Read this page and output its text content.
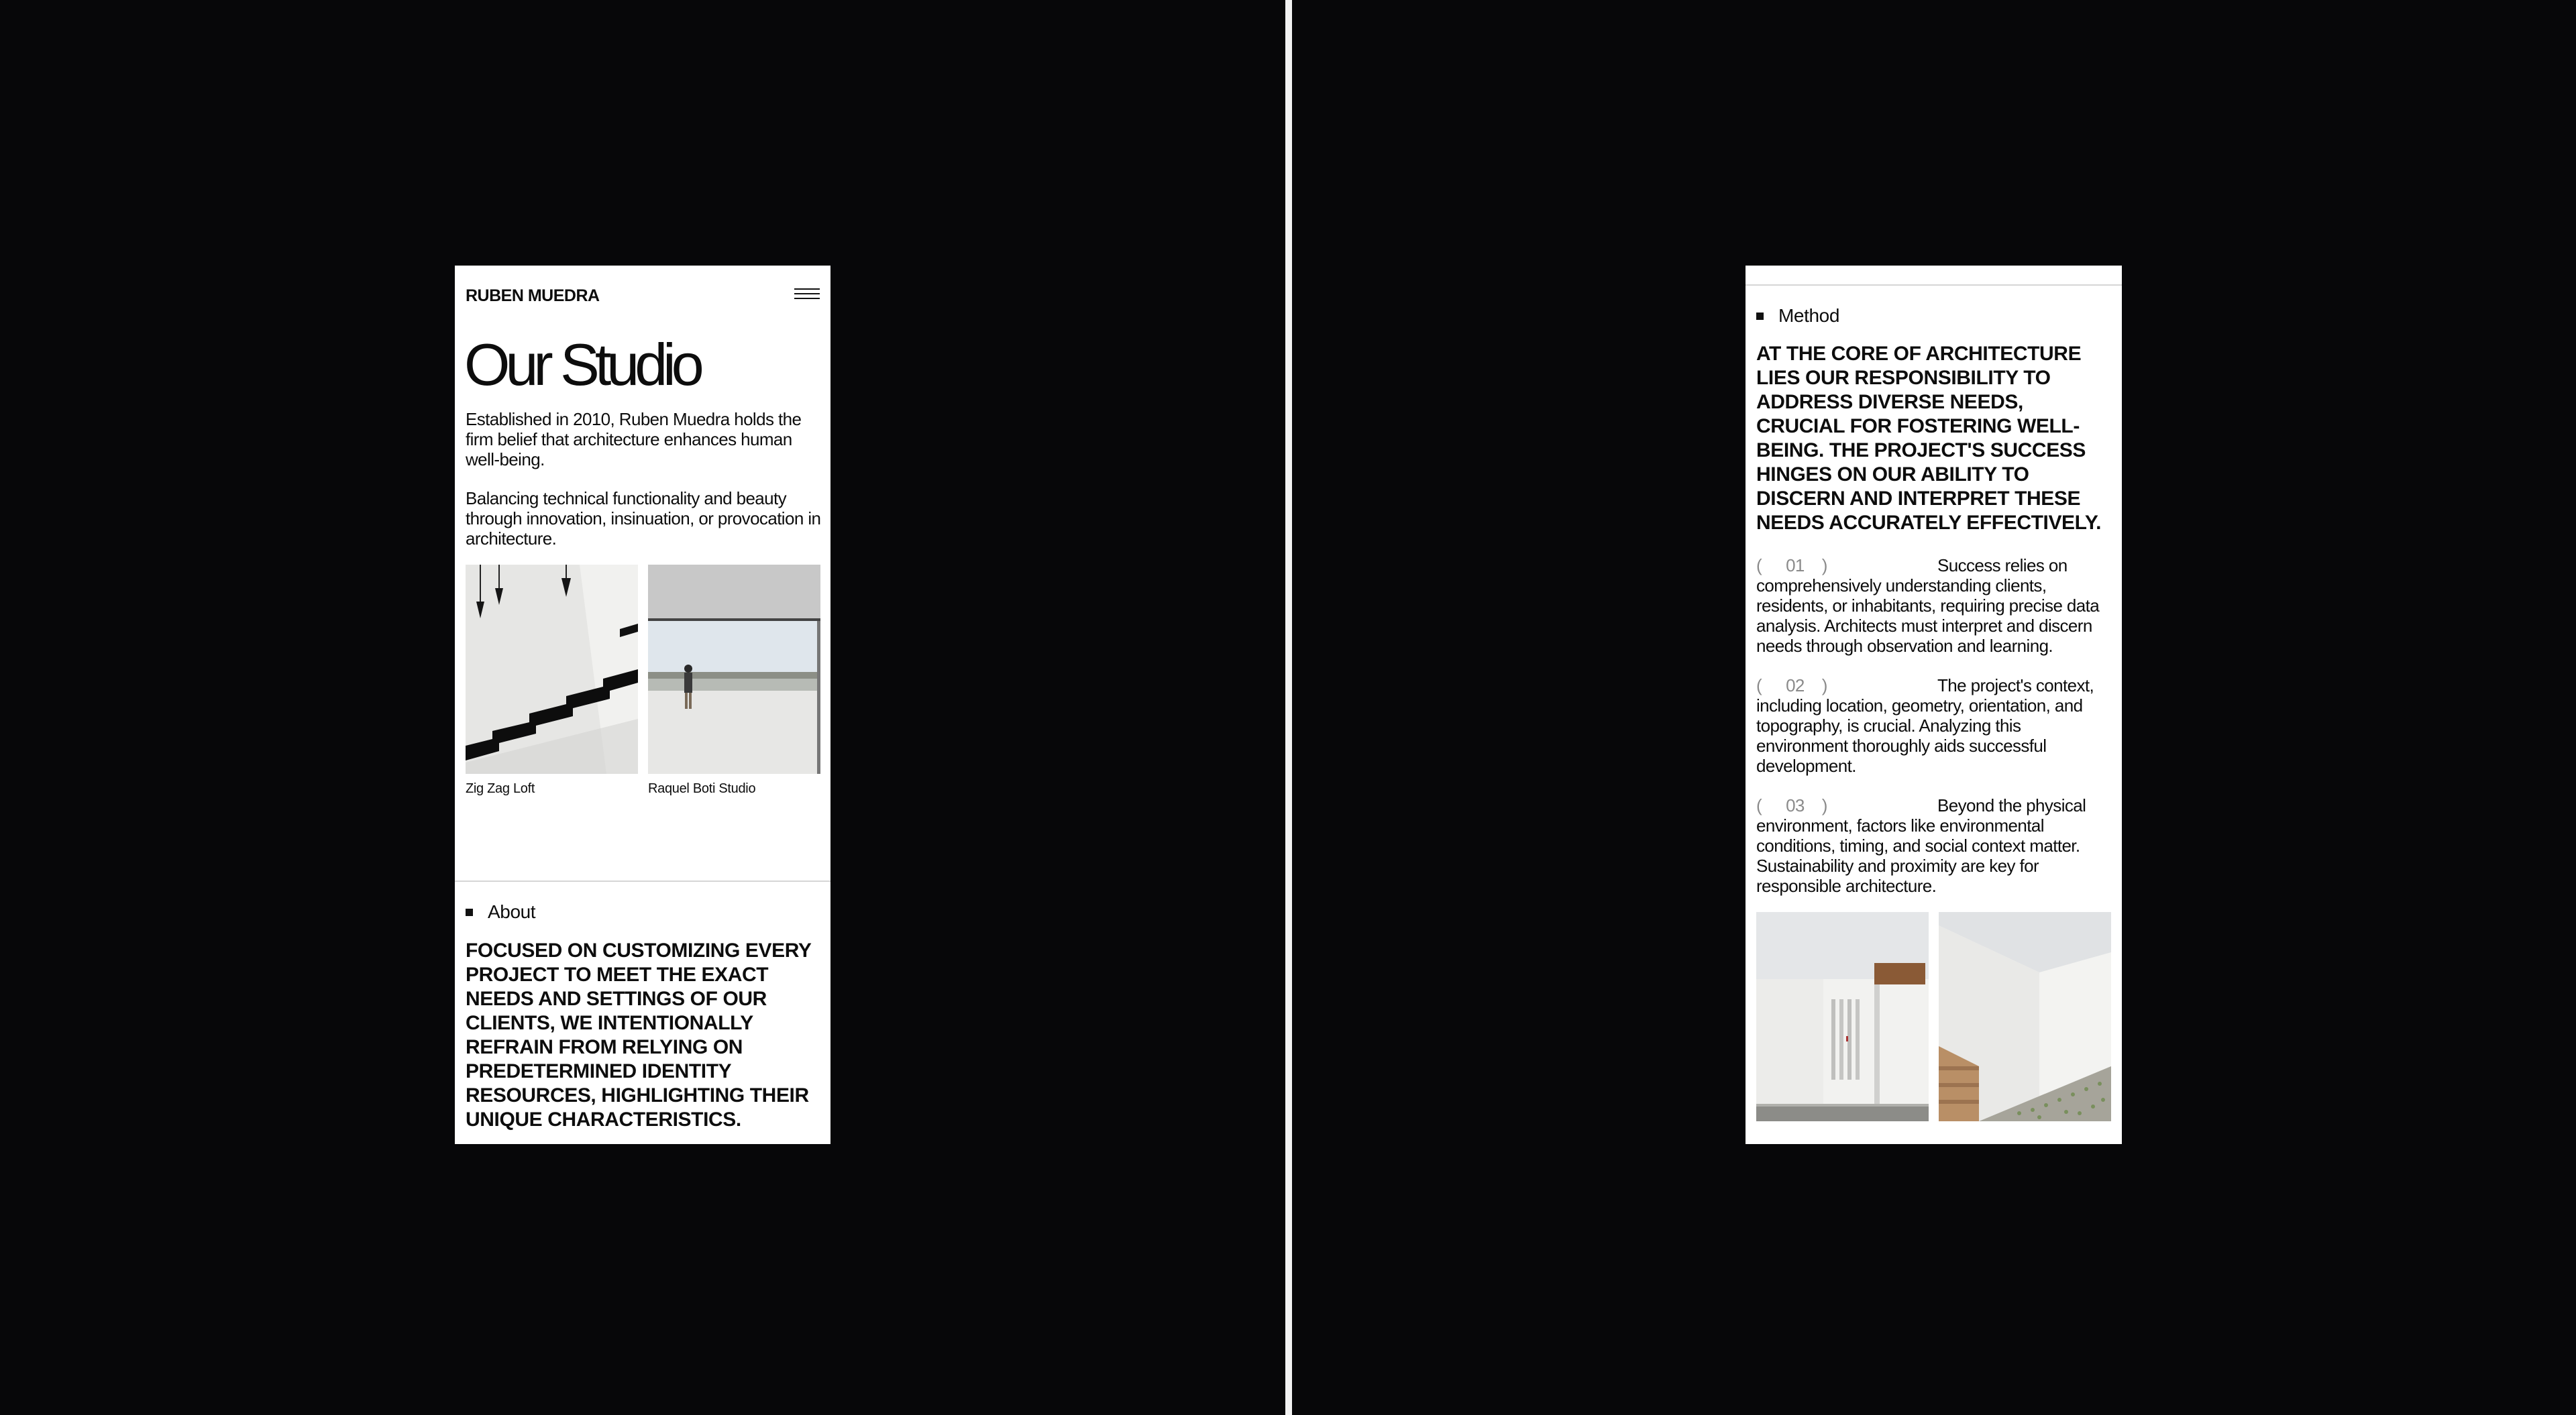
RUBEN MUEDRA
Our Studio
Established in 2010, Ruben Muedra holds the firm belief that architecture enhances human well-being.
Balancing technical functionality and beauty through innovation, insinuation, or provocation in architecture.
Zig Zag Loft	Raquel Boti Studio
About
FOCUSED ON CUSTOMIZING EVERY PROJECT TO MEET THE EXACT NEEDS AND SETTINGS OF OUR CLIENTS, WE INTENTIONALLY REFRAIN FROM RELYING ON PREDETERMINED IDENTITY RESOURCES, HIGHLIGHTING THEIR UNIQUE CHARACTERISTICS.
Method
AT THE CORE OF ARCHITECTURE LIES OUR RESPONSIBILITY TO ADDRESS DIVERSE NEEDS, CRUCIAL FOR FOSTERING WELL-BEING. THE PROJECT'S SUCCESS HINGES ON OUR ABILITY TO DISCERN AND INTERPRET THESE NEEDS ACCURATELY EFFECTIVELY.
( 01 )	Success relies on comprehensively understanding clients, residents, or inhabitants, requiring precise data analysis. Architects must interpret and discern needs through observation and learning.
( 02 )	The project's context, including location, geometry, orientation, and topography, is crucial. Analyzing this environment thoroughly aids successful development.
( 03 )	Beyond the physical environment, factors like environmental conditions, timing, and social context matter. Sustainability and proximity are key for responsible architecture.
